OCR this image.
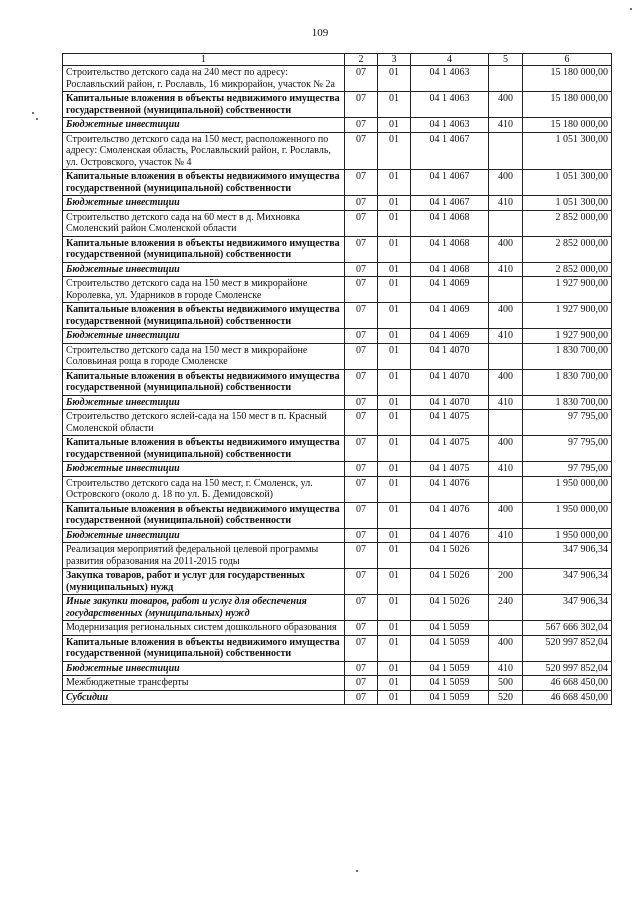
109
1	2	3	4	5	6
Строительство детского сада на 240 мест по адресу: Рославльский район, г. Рославль, 16 микрорайон, участок № 2а	07	01	04 1 4063		15 180 000,00
Капитальные вложения в объекты недвижимого имущества государственной (муниципальной) собственности	07	01	04 1 4063	400	15 180 000,00
Бюджетные инвестиции	07	01	04 1 4063	410	15 180 000,00
Строительство детского сада на 150 мест, расположенного по адресу: Смоленская область, Рославльский район, г. Рославль, ул. Островского, участок № 4	07	01	04 1 4067		1 051 300,00
Капитальные вложения в объекты недвижимого имущества государственной (муниципальной) собственности	07	01	04 1 4067	400	1 051 300,00
Бюджетные инвестиции	07	01	04 1 4067	410	1 051 300,00
Строительство детского сада на 60 мест в д. Михновка Смоленский район Смоленской области	07	01	04 1 4068		2 852 000,00
Капитальные вложения в объекты недвижимого имущества государственной (муниципальной) собственности	07	01	04 1 4068	400	2 852 000,00
Бюджетные инвестиции	07	01	04 1 4068	410	2 852 000,00
Строительство детского сада на 150 мест в микрорайоне Королевка, ул. Ударников в городе Смоленске	07	01	04 1 4069		1 927 900,00
Капитальные вложения в объекты недвижимого имущества государственной (муниципальной) собственности	07	01	04 1 4069	400	1 927 900,00
Бюджетные инвестиции	07	01	04 1 4069	410	1 927 900,00
Строительство детского сада на 150 мест в микрорайоне Соловьиная роща в городе Смоленске	07	01	04 1 4070		1 830 700,00
Капитальные вложения в объекты недвижимого имущества государственной (муниципальной) собственности	07	01	04 1 4070	400	1 830 700,00
Бюджетные инвестиции	07	01	04 1 4070	410	1 830 700,00
Строительство детского яслей-сада на 150 мест в п. Красный Смоленской области	07	01	04 1 4075		97 795,00
Капитальные вложения в объекты недвижимого имущества государственной (муниципальной) собственности	07	01	04 1 4075	400	97 795,00
Бюджетные инвестиции	07	01	04 1 4075	410	97 795,00
Строительство детского сада на 150 мест, г. Смоленск, ул. Островского (около д. 18 по ул. Б. Демидовской)	07	01	04 1 4076		1 950 000,00
Капитальные вложения в объекты недвижимого имущества государственной (муниципальной) собственности	07	01	04 1 4076	400	1 950 000,00
Бюджетные инвестиции	07	01	04 1 4076	410	1 950 000,00
Реализация мероприятий федеральной целевой программы развития образования на 2011-2015 годы	07	01	04 1 5026		347 906,34
Закупка товаров, работ и услуг для государственных (муниципальных) нужд	07	01	04 1 5026	200	347 906,34
Иные закупки товаров, работ и услуг для обеспечения государственных (муниципальных) нужд	07	01	04 1 5026	240	347 906,34
Модернизация региональных систем дошкольного образования	07	01	04 1 5059		567 666 302,04
Капитальные вложения в объекты недвижимого имущества государственной (муниципальной) собственности	07	01	04 1 5059	400	520 997 852,04
Бюджетные инвестиции	07	01	04 1 5059	410	520 997 852,04
Межбюджетные трансферты	07	01	04 1 5059	500	46 668 450,00
Субсидии	07	01	04 1 5059	520	46 668 450,00
